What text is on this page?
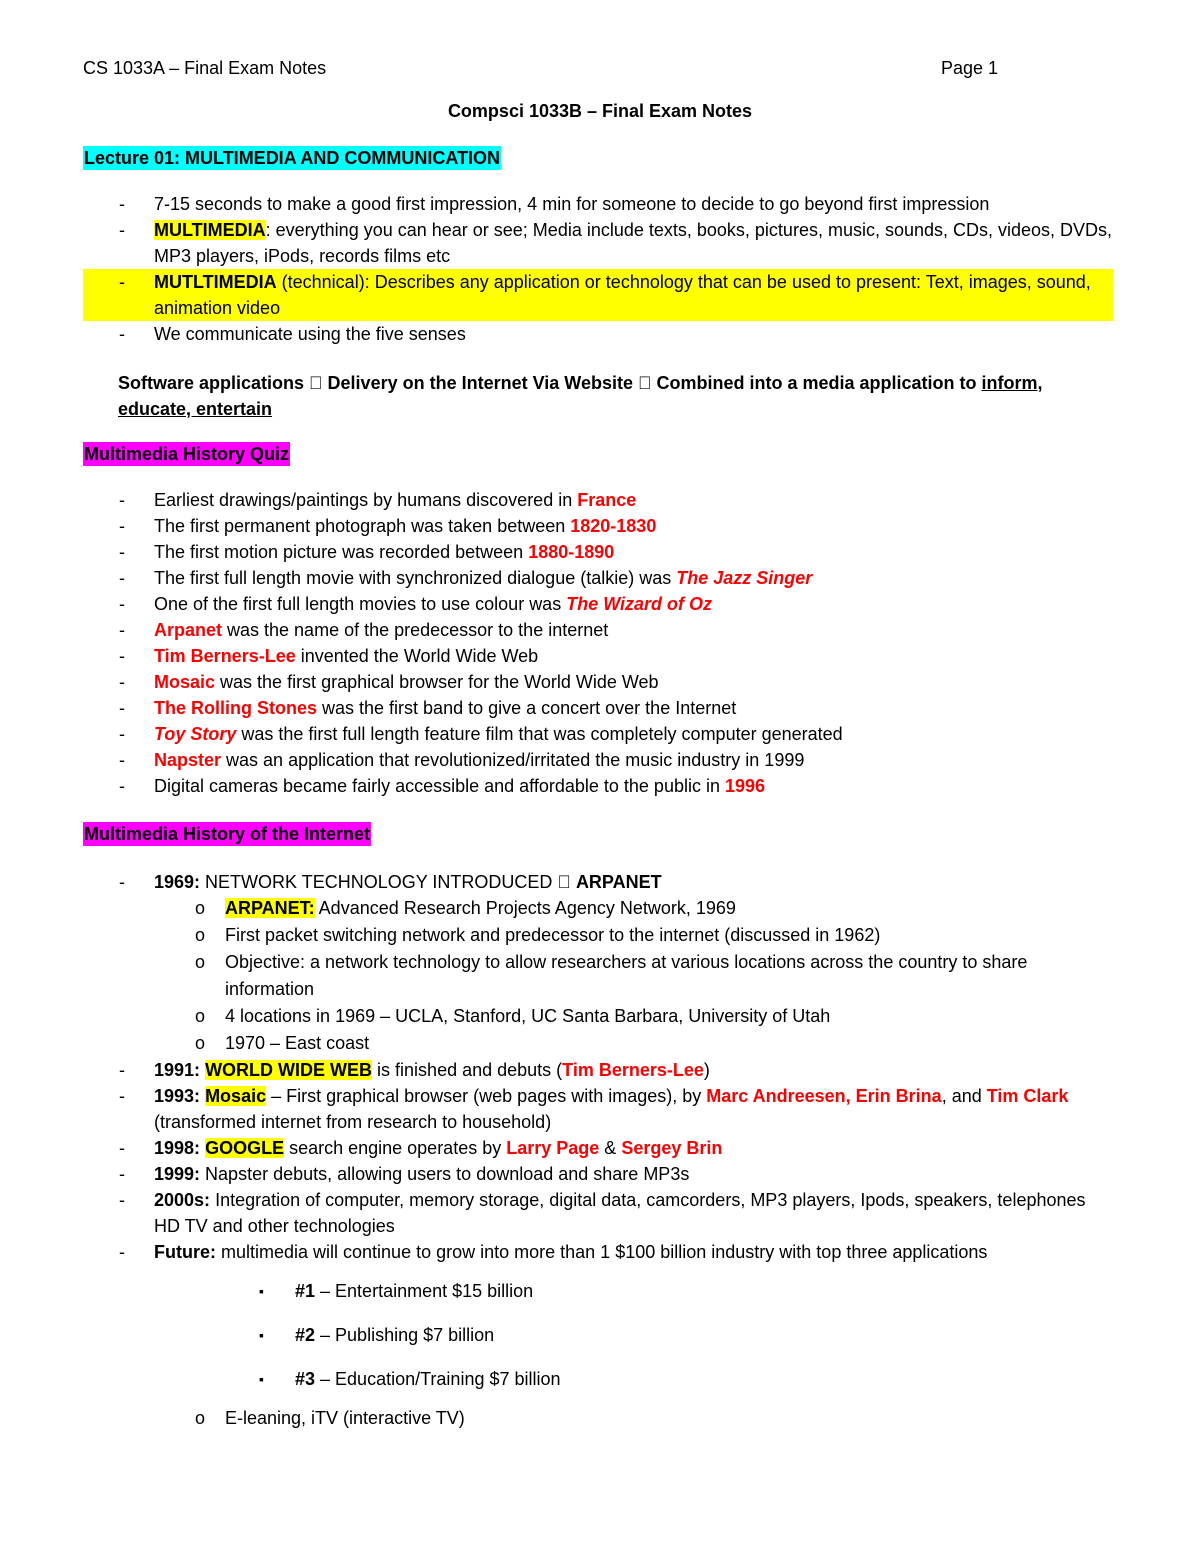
CS 1033A – Final Exam Notes	Page 1
Compsci 1033B – Final Exam Notes
Lecture 01: MULTIMEDIA AND COMMUNICATION
- 7-15 seconds to make a good first impression, 4 min for someone to decide to go beyond first impression
- MULTIMEDIA: everything you can hear or see; Media include texts, books, pictures, music, sounds, CDs, videos, DVDs, MP3 players, iPods, records films etc
- MUTLTIMEDIA (technical): Describes any application or technology that can be used to present: Text, images, sound, animation video
- We communicate using the five senses
Software applications Delivery on the Internet Via Website Combined into a media application to inform, educate, entertain
Multimedia History Quiz
- Earliest drawings/paintings by humans discovered in France
- The first permanent photograph was taken between 1820-1830
- The first motion picture was recorded between 1880-1890
- The first full length movie with synchronized dialogue (talkie) was The Jazz Singer
- One of the first full length movies to use colour was The Wizard of Oz
- Arpanet was the name of the predecessor to the internet
- Tim Berners-Lee invented the World Wide Web
- Mosaic was the first graphical browser for the World Wide Web
- The Rolling Stones was the first band to give a concert over the Internet
- Toy Story was the first full length feature film that was completely computer generated
- Napster was an application that revolutionized/irritated the music industry in 1999
- Digital cameras became fairly accessible and affordable to the public in 1996
Multimedia History of the Internet
- 1969: NETWORK TECHNOLOGY INTRODUCED ARPANET
o ARPANET: Advanced Research Projects Agency Network, 1969
o First packet switching network and predecessor to the internet (discussed in 1962)
o Objective: a network technology to allow researchers at various locations across the country to share information
o 4 locations in 1969 – UCLA, Stanford, UC Santa Barbara, University of Utah
o 1970 – East coast
- 1991: WORLD WIDE WEB is finished and debuts (Tim Berners-Lee)
- 1993: Mosaic – First graphical browser (web pages with images), by Marc Andreesen, Erin Brina, and Tim Clark (transformed internet from research to household)
- 1998: GOOGLE search engine operates by Larry Page & Sergey Brin
- 1999: Napster debuts, allowing users to download and share MP3s
- 2000s: Integration of computer, memory storage, digital data, camcorders, MP3 players, Ipods, speakers, telephones HD TV and other technologies
- Future: multimedia will continue to grow into more than 1 $100 billion industry with top three applications
▪ #1 – Entertainment $15 billion
▪ #2 – Publishing $7 billion
▪ #3 – Education/Training $7 billion
o E-leaning, iTV (interactive TV)
